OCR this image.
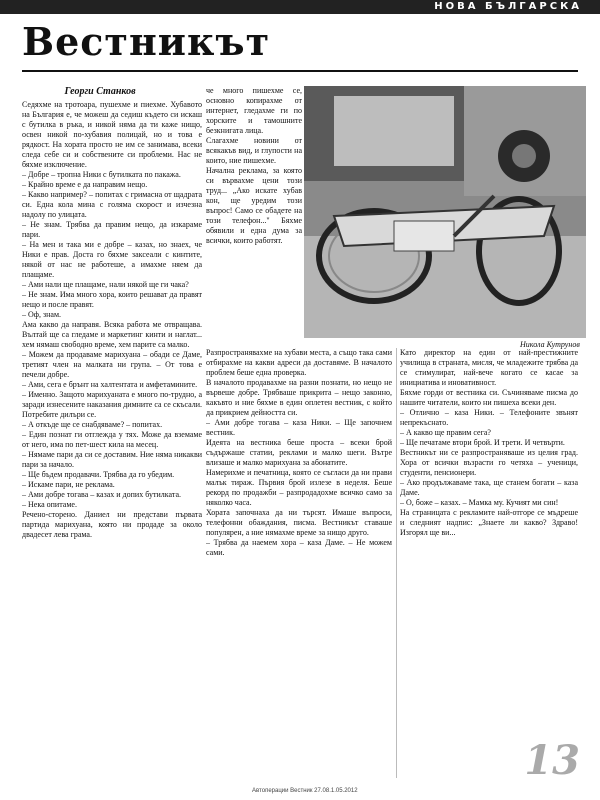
НОВА БЪЛГАРСКА
Вестникът
Георги Станков

Седяхме на тротоара, пушехме и пиехме. Хубавото на България е, че можеш да седиш където си искаш с бутилка в ръка, и никой няма да ти каже нищо, освен никой по-хубавия полицай, но и това е рядкост. На хората просто не им се занимава, всеки следа себе си и собствените си проблеми. Нас не бяхме изключение.

– Добре – тропна Ники с бутилката по пакажа.

– Крайно време е да направим нещо.

– Какво например? – попитах с гримасна от щадрата си. Една кола мина с голяма скорост и изчезна надолу по улицата.

– Не знам. Трябва да правим нещо, да изкараме пари.

– На мен и така ми е добре – казах, но знаех, че Ники е прав. Доста го бяхме заксеали с кинтите, някой от нас не работеше, а имахме няем да плащаме.

– Ами нали ще плащаме, нали някой ще ги чака?

– Не знам. Има много хора, които решават да правят нещо и после правят.

– Оф, знам.

Ама какво да направя. Всяка работа ме отвращава. Вълтай ще са гледаме и маркетинг кинти и наглат... хем нямаш свободно време, хем парите са малко.

– Можем да продаваме марихуана – обади се Даме, третият член на малката ни група. – От това е печели добре.

– Ами, сега е брънт на халтентата и амфетамините.

– Именно. Защото марихуаната е много по-трудно, а заради изнесените наказания димните са се скъсали. Потребите дилъри се.

– А откъде ще се снабдяваме? – попитах.

– Един познат ги отглежда у тях. Може да вземаме от него, има по пет-шест кила на месец.

– Нямаме пари да си се доставим. Ние няма никакви пари за начало.

– Ще бъдем продавачи. Трябва да го убедим.

– Искаме пари, не реклама.

– Ами добре тогава – казах и допих бутилката.

– Нека опитаме.

Речено-сторено. Даниел ни представи първата партида марихуана, която ни продаде за около двадесет лева грама.

че много пишехме се, основно копирахме от интернет, гледахме ги по хорските и тамошните безкнигата лица.

Слагахме новини от всякакъв вид, и глупости на които, ние пишехме.

Начална реклама, за която си вървахме цени този труд... „Ако искате хубав кон, ще уредим този въпрос! Само се обадете на този телефон..." Бяхме обявили и една дума за всички, които работят.

Никола Кутрунов

Разпространявахме на хубави места, а също така сами отбирахме на какви адреси да доставяме. В началото проблем беше една проверка.

В началото продавахме на разни познати, но нещо не вървеше добре. Трябваше прикрита – нещо законно, какъвто и ние бяхме в един оплетен вестник, с който да прикрием дейността си.

– Ами добре тогава – каза Ники. – Ще започнем вестник.

Идеята на вестника беше проста – всеки брой съдържаше статии, реклами и малко шеги. Вътре влизаше и малко марихуана за абонатите.

Намерихме и печатница, която се съгласи да ни прави малък тираж. Първия брой излезе в неделя. Беше рекорд по продажби – разпродадохме всичко само за няколко часа.

Хората започнаха да ни търсят. Имаше въпроси, телефонни обаждания, писма. Вестникът ставаше популярен, а ние нямахме време за нищо друго.

– Трябва да наемем хора – каза Даме. – Не можем сами.

Като директор на един от най-престижните училища в страната, мисля, че младежите трябва да се стимулират, най-вече когато се касае за инициатива и иновативност.

Бяхме горди от вестника си. Съчиняваме писма до нашите читатели, които ни пишеха всеки ден.

– Отлично – каза Ники. – Телефоните звънят непрекъснато.

– А какво ще правим сега?

– Ще печатаме втори брой. И трети. И четвърти.

Вестникът ни се разпространяваше из целия град. Хора от всички възрасти го четяха – ученици, студенти, пенсионери.

– Ако продължаваме така, ще станем богати – каза Даме.

– О, боже – казах. – Мамка му. Кучият ми син!

На страницата с рекламите най-отгоре се мъдреше и следният надпис: „Знаете ли какво? Здраво! Изгорял ще ви...

13
Автоперации Вестник 27.08.1.05.2012
